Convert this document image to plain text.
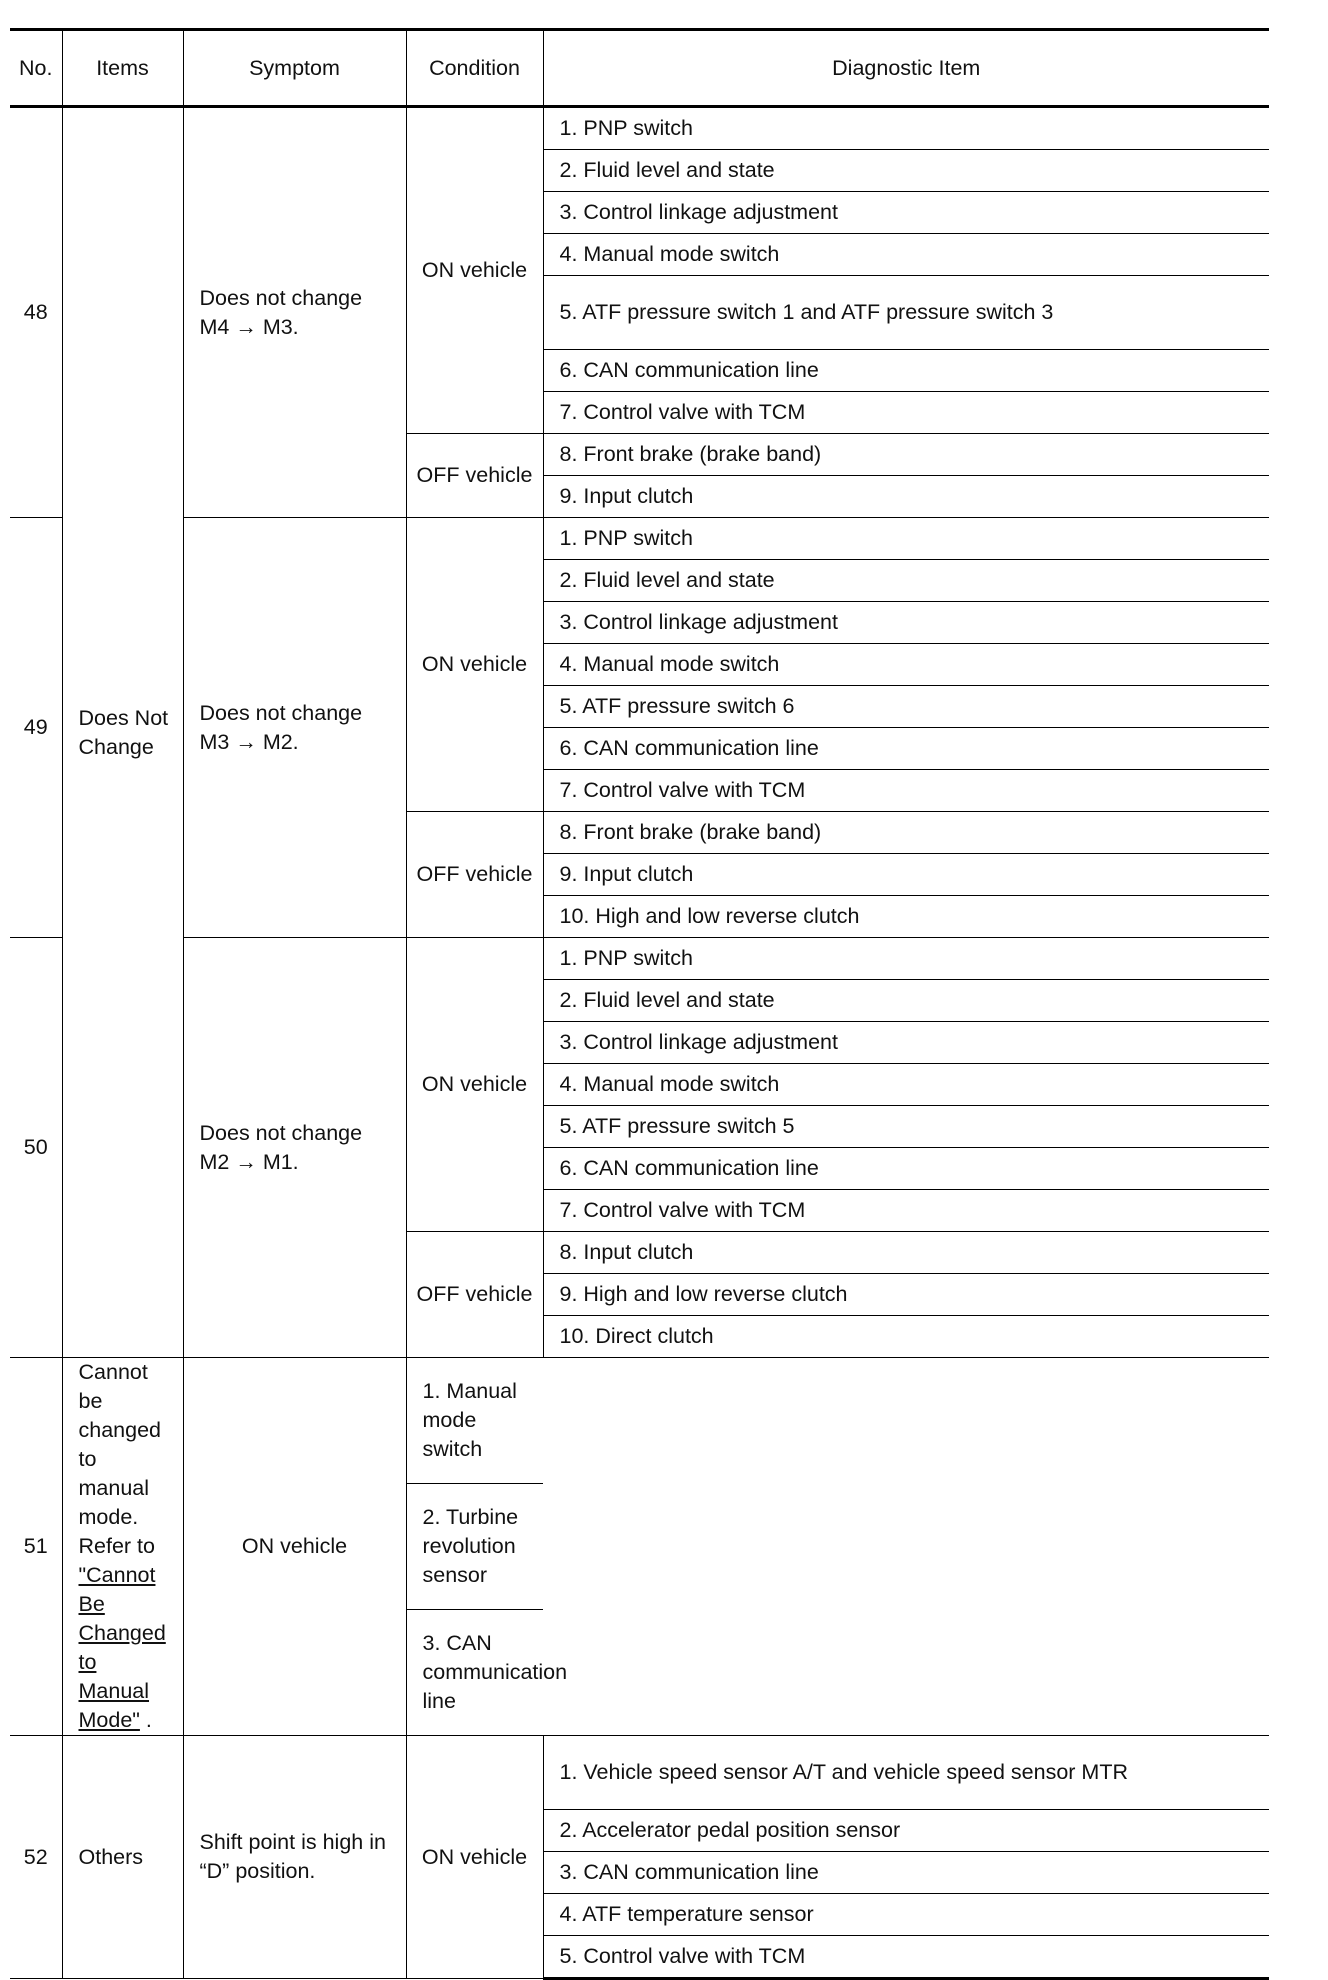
No.	Items	Symptom	Condition	Diagnostic Item
48	Does Not Change	Does not change M4 → M3.	ON vehicle	1. PNP switch
				2. Fluid level and state
				3. Control linkage adjustment
				4. Manual mode switch
				5. ATF pressure switch 1 and ATF pressure switch 3
				6. CAN communication line
				7. Control valve with TCM
			OFF vehicle	8. Front brake (brake band)
				9. Input clutch
49		Does not change M3 → M2.	ON vehicle	1. PNP switch
				2. Fluid level and state
				3. Control linkage adjustment
				4. Manual mode switch
				5. ATF pressure switch 6
				6. CAN communication line
				7. Control valve with TCM
			OFF vehicle	8. Front brake (brake band)
				9. Input clutch
				10. High and low reverse clutch
50		Does not change M2 → M1.	ON vehicle	1. PNP switch
				2. Fluid level and state
				3. Control linkage adjustment
				4. Manual mode switch
				5. ATF pressure switch 5
				6. CAN communication line
				7. Control valve with TCM
			OFF vehicle	8. Input clutch
				9. High and low reverse clutch
				10. Direct clutch
51	Cannot be changed to manual mode. Refer to "Cannot Be Changed to Manual Mode" .	ON vehicle	1. Manual mode switch	
			2. Turbine revolution sensor	
			3. CAN communication line	
52	Others	Shift point is high in “D” position.	ON vehicle	1. Vehicle speed sensor A/T and vehicle speed sensor MTR
				2. Accelerator pedal position sensor
				3. CAN communication line
				4. ATF temperature sensor
				5. Control valve with TCM
